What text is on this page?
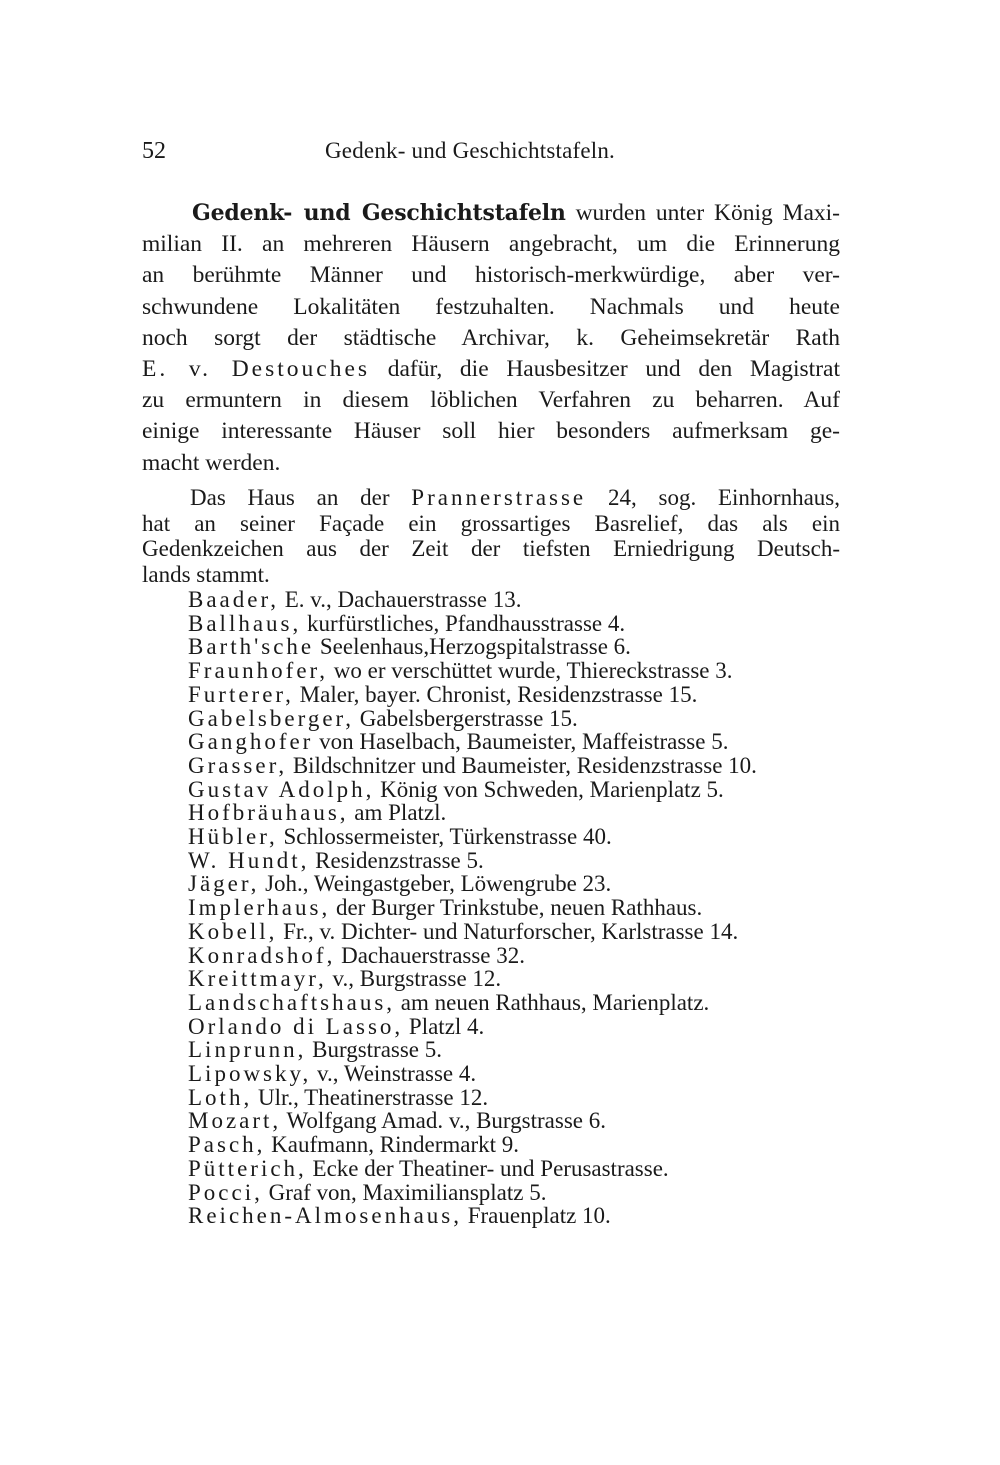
52	Gedenk- und Geschichtstafeln.
Gedenk- und Geschichtstafeln wurden unter König Maxi-
milian II. an mehreren Häusern angebracht, um die Erinnerung
an berühmte Männer und historisch-merkwürdige, aber ver-
schwundene Lokalitäten festzuhalten. Nachmals und heute
noch sorgt der städtische Archivar, k. Geheimsekretär Rath
E. v. Destouches dafür, die Hausbesitzer und den Magistrat
zu ermuntern in diesem löblichen Verfahren zu beharren. Auf
einige interessante Häuser soll hier besonders aufmerksam ge-
macht werden.
Das Haus an der Prannerstrasse 24, sog. Einhornhaus,
hat an seiner Façade ein grossartiges Basrelief, das als ein
Gedenkzeichen aus der Zeit der tiefsten Erniedrigung Deutsch-
lands stammt.
Baader, E. v., Dachauerstrasse 13.
Ballhaus, kurfürstliches, Pfandhausstrasse 4.
Barth'sche Seelenhaus,Herzogspitalstrasse 6.
Fraunhofer, wo er verschüttet wurde, Thiereckstrasse 3.
Furterer, Maler, bayer. Chronist, Residenzstrasse 15.
Gabelsberger, Gabelsbergerstrasse 15.
Ganghofer von Haselbach, Baumeister, Maffeistrasse 5.
Grasser, Bildschnitzer und Baumeister, Residenzstrasse 10.
Gustav Adolph, König von Schweden, Marienplatz 5.
Hofbräuhaus, am Platzl.
Hübler, Schlossermeister, Türkenstrasse 40.
W. Hundt, Residenzstrasse 5.
Jäger, Joh., Weingastgeber, Löwengrube 23.
Implerhaus, der Burger Trinkstube, neuen Rathhaus.
Kobell, Fr., v. Dichter- und Naturforscher, Karlstrasse 14.
Konradshof, Dachauerstrasse 32.
Kreittmayr, v., Burgstrasse 12.
Landschaftshaus, am neuen Rathhaus, Marienplatz.
Orlando di Lasso, Platzl 4.
Linprunn, Burgstrasse 5.
Lipowsky, v., Weinstrasse 4.
Loth, Ulr., Theatinerstrasse 12.
Mozart, Wolfgang Amad. v., Burgstrasse 6.
Pasch, Kaufmann, Rindermarkt 9.
Pütterich, Ecke der Theatiner- und Perusastrasse.
Pocci, Graf von, Maximiliansplatz 5.
Reichen-Almosenhaus, Frauenplatz 10.
